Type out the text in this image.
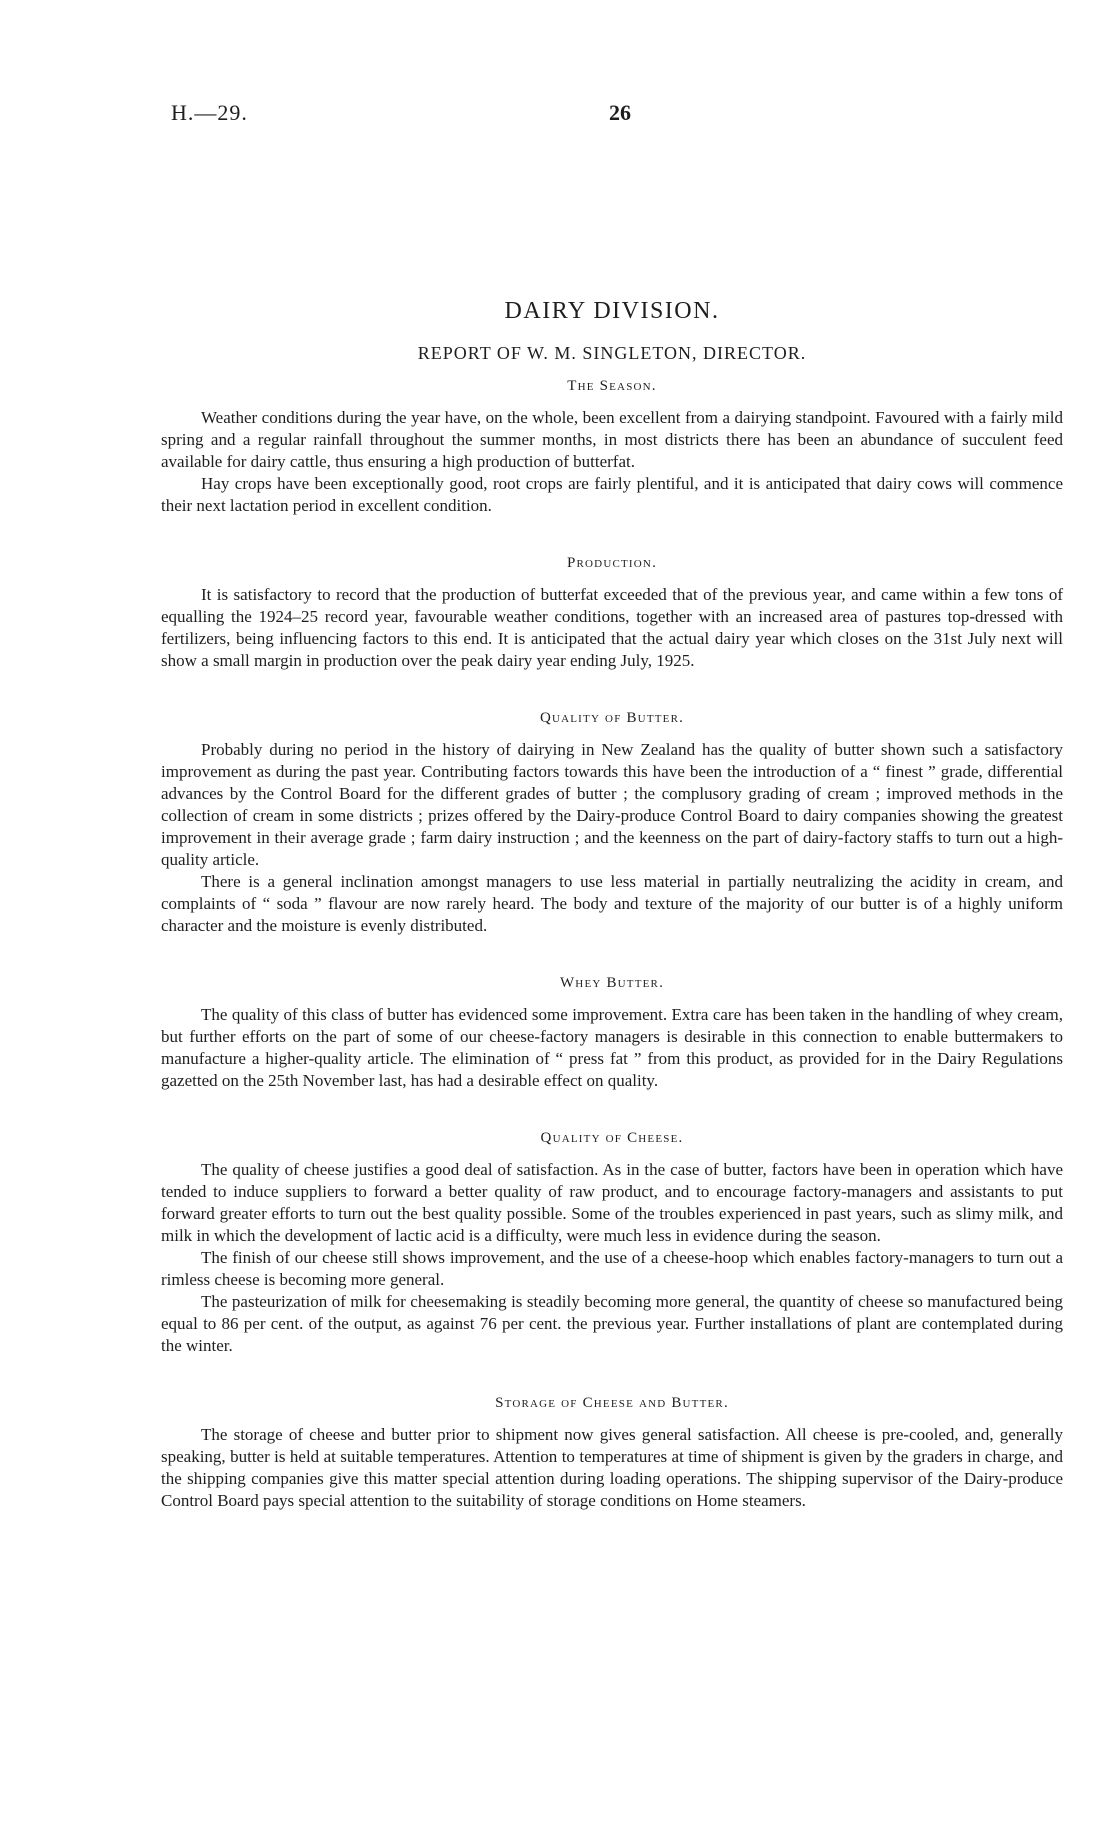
H.—29.	26
DAIRY DIVISION.
REPORT OF W. M. SINGLETON, DIRECTOR.
The Season.

Weather conditions during the year have, on the whole, been excellent from a dairying standpoint. Favoured with a fairly mild spring and a regular rainfall throughout the summer months, in most districts there has been an abundance of succulent feed available for dairy cattle, thus ensuring a high production of butterfat.

Hay crops have been exceptionally good, root crops are fairly plentiful, and it is anticipated that dairy cows will commence their next lactation period in excellent condition.

Production.

It is satisfactory to record that the production of butterfat exceeded that of the previous year, and came within a few tons of equalling the 1924–25 record year, favourable weather conditions, together with an increased area of pastures top-dressed with fertilizers, being influencing factors to this end. It is anticipated that the actual dairy year which closes on the 31st July next will show a small margin in production over the peak dairy year ending July, 1925.

Quality of Butter.

Probably during no period in the history of dairying in New Zealand has the quality of butter shown such a satisfactory improvement as during the past year. Contributing factors towards this have been the introduction of a “ finest ” grade, differential advances by the Control Board for the different grades of butter ; the complusory grading of cream ; improved methods in the collection of cream in some districts ; prizes offered by the Dairy-produce Control Board to dairy companies showing the greatest improvement in their average grade ; farm dairy instruction ; and the keenness on the part of dairy-factory staffs to turn out a high-quality article.

There is a general inclination amongst managers to use less material in partially neutralizing the acidity in cream, and complaints of “ soda ” flavour are now rarely heard. The body and texture of the majority of our butter is of a highly uniform character and the moisture is evenly distributed.

Whey Butter.

The quality of this class of butter has evidenced some improvement. Extra care has been taken in the handling of whey cream, but further efforts on the part of some of our cheese-factory managers is desirable in this connection to enable buttermakers to manufacture a higher-quality article. The elimination of “ press fat ” from this product, as provided for in the Dairy Regulations gazetted on the 25th November last, has had a desirable effect on quality.

Quality of Cheese.

The quality of cheese justifies a good deal of satisfaction. As in the case of butter, factors have been in operation which have tended to induce suppliers to forward a better quality of raw product, and to encourage factory-managers and assistants to put forward greater efforts to turn out the best quality possible. Some of the troubles experienced in past years, such as slimy milk, and milk in which the development of lactic acid is a difficulty, were much less in evidence during the season.

The finish of our cheese still shows improvement, and the use of a cheese-hoop which enables factory-managers to turn out a rimless cheese is becoming more general.

The pasteurization of milk for cheesemaking is steadily becoming more general, the quantity of cheese so manufactured being equal to 86 per cent. of the output, as against 76 per cent. the previous year. Further installations of plant are contemplated during the winter.

Storage of Cheese and Butter.

The storage of cheese and butter prior to shipment now gives general satisfaction. All cheese is pre-cooled, and, generally speaking, butter is held at suitable temperatures. Attention to temperatures at time of shipment is given by the graders in charge, and the shipping companies give this matter special attention during loading operations. The shipping supervisor of the Dairy-produce Control Board pays special attention to the suitability of storage conditions on Home steamers.
